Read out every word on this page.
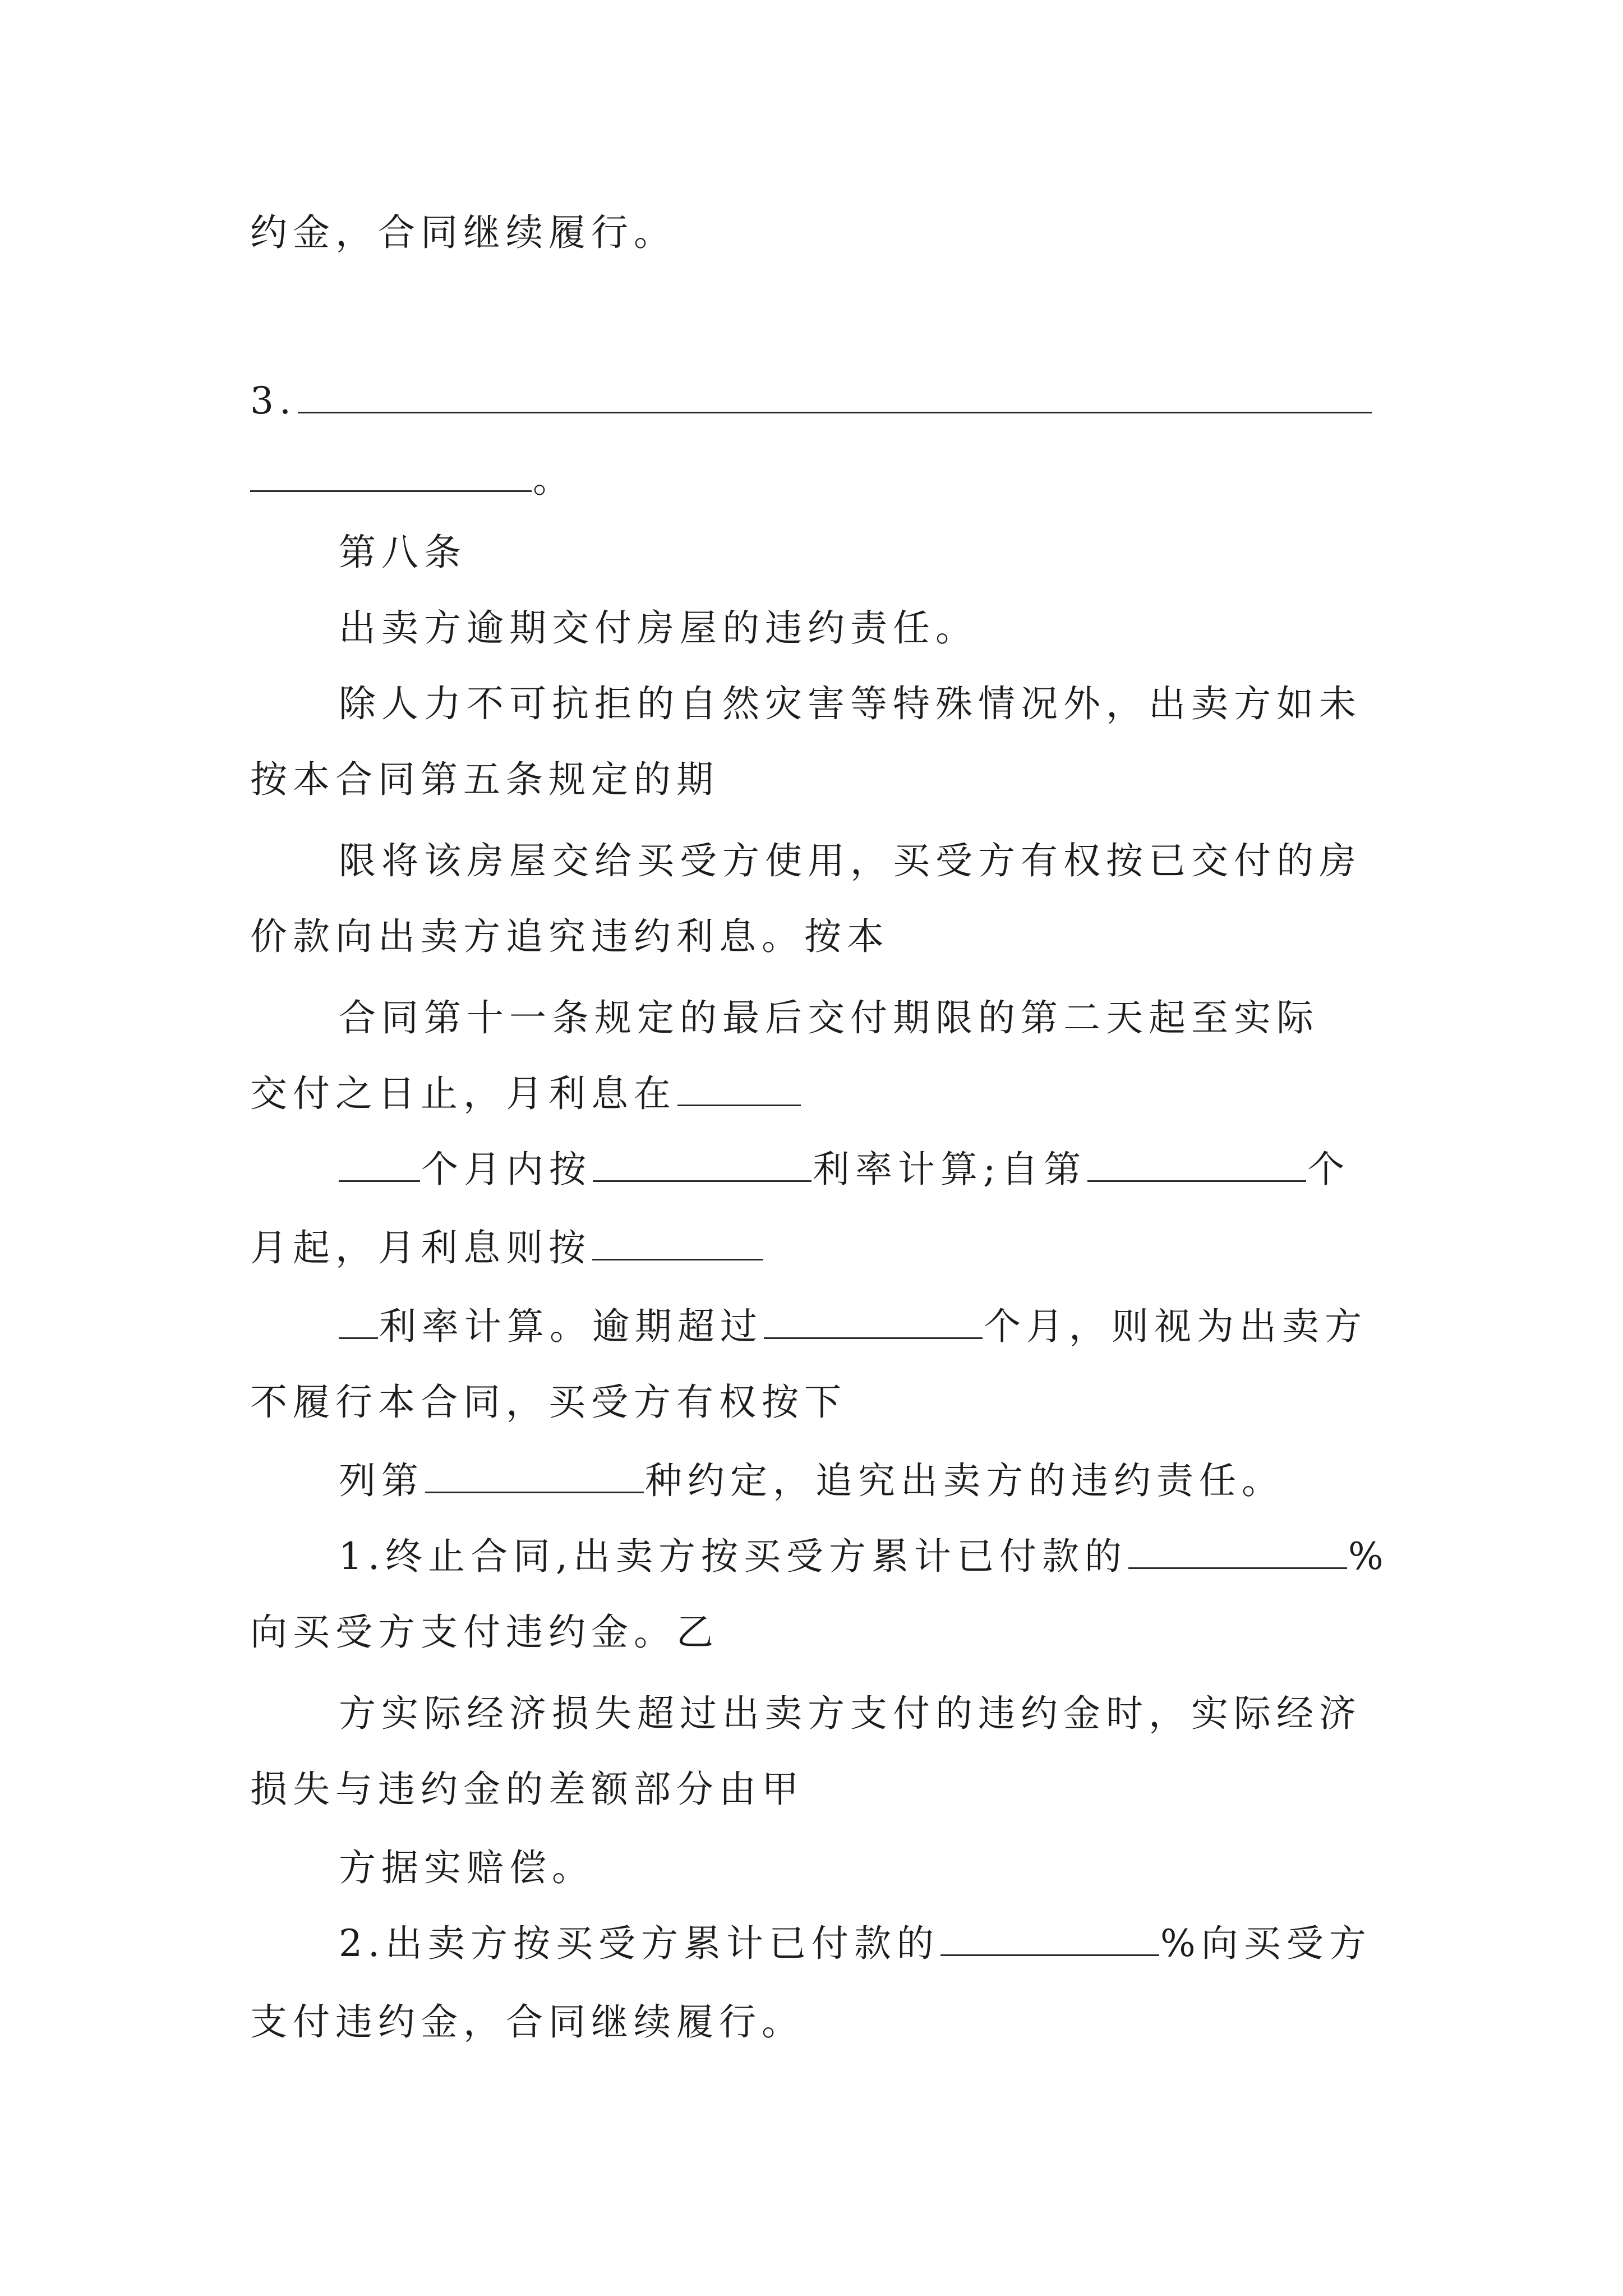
约金，合同继续履行。
3.
。
第八条
出卖方逾期交付房屋的违约责任。
除人力不可抗拒的自然灾害等特殊情况外，出卖方如未
按本合同第五条规定的期
限将该房屋交给买受方使用，买受方有权按已交付的房
价款向出卖方追究违约利息。按本
合同第十一条规定的最后交付期限的第二天起至实际
交付之日止，月利息在
个月内按	利率计算;自第	个
月起，月利息则按
利率计算。逾期超过	个月，则视为出卖方
不履行本合同，买受方有权按下
列第	种约定，追究出卖方的违约责任。
1.终止合同,出卖方按买受方累计已付款的	%
向买受方支付违约金。乙
方实际经济损失超过出卖方支付的违约金时，实际经济
损失与违约金的差额部分由甲
方据实赔偿。
2.出卖方按买受方累计已付款的	%向买受方
支付违约金，合同继续履行。
